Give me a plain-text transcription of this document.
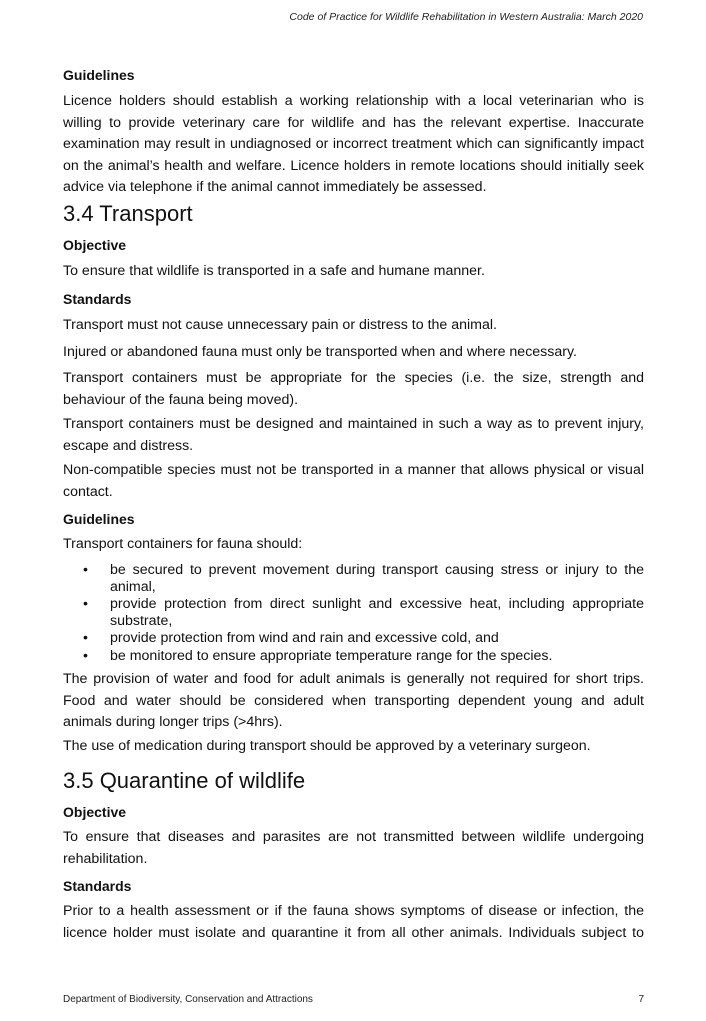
Code of Practice for Wildlife Rehabilitation in Western Australia: March 2020
Guidelines
Licence holders should establish a working relationship with a local veterinarian who is willing to provide veterinary care for wildlife and has the relevant expertise. Inaccurate examination may result in undiagnosed or incorrect treatment which can significantly impact on the animal’s health and welfare. Licence holders in remote locations should initially seek advice via telephone if the animal cannot immediately be assessed.
3.4 Transport
Objective
To ensure that wildlife is transported in a safe and humane manner.
Standards
Transport must not cause unnecessary pain or distress to the animal.
Injured or abandoned fauna must only be transported when and where necessary.
Transport containers must be appropriate for the species (i.e. the size, strength and behaviour of the fauna being moved).
Transport containers must be designed and maintained in such a way as to prevent injury, escape and distress.
Non-compatible species must not be transported in a manner that allows physical or visual contact.
Guidelines
Transport containers for fauna should:
• be secured to prevent movement during transport causing stress or injury to the animal,
• provide protection from direct sunlight and excessive heat, including appropriate substrate,
• provide protection from wind and rain and excessive cold, and
• be monitored to ensure appropriate temperature range for the species.
The provision of water and food for adult animals is generally not required for short trips. Food and water should be considered when transporting dependent young and adult animals during longer trips (>4hrs).
The use of medication during transport should be approved by a veterinary surgeon.
3.5 Quarantine of wildlife
Objective
To ensure that diseases and parasites are not transmitted between wildlife undergoing rehabilitation.
Standards
Prior to a health assessment or if the fauna shows symptoms of disease or infection, the licence holder must isolate and quarantine it from all other animals. Individuals subject to
Department of Biodiversity, Conservation and Attractions	7
